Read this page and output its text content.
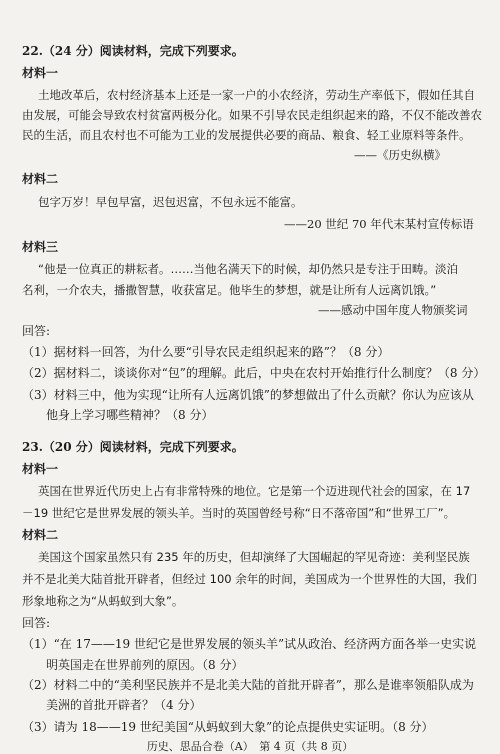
22.（24 分）阅读材料，完成下列要求。
材料一
土地改革后，农村经济基本上还是一家一户的小农经济，劳动生产率低下，假如任其自
由发展，可能会导致农村贫富两极分化。如果不引导农民走组织起来的路，不仅不能改善农
民的生活，而且农村也不可能为工业的发展提供必要的商品、粮食、轻工业原料等条件。
——《历史纵横》
材料二
包字万岁！早包早富，迟包迟富，不包永远不能富。
——20 世纪 70 年代末某村宣传标语
材料三
“他是一位真正的耕耘者。……当他名满天下的时候，却仍然只是专注于田畴。淡泊
名利，一介农夫，播撒智慧，收获富足。他毕生的梦想，就是让所有人远离饥饿。”
——感动中国年度人物颁奖词
回答:
（1）据材料一回答，为什么要“引导农民走组织起来的路”？（8 分）
（2）据材料二，谈谈你对“包”的理解。此后，中央在农村开始推行什么制度？（8 分）
（3）材料三中，他为实现“让所有人远离饥饿”的梦想做出了什么贡献？你认为应该从
他身上学习哪些精神？（8 分）
23.（20 分）阅读材料，完成下列要求。
材料一
英国在世界近代历史上占有非常特殊的地位。它是第一个迈进现代社会的国家，在 17
－19 世纪它是世界发展的领头羊。当时的英国曾经号称“日不落帝国”和“世界工厂”。
材料二
美国这个国家虽然只有 235 年的历史，但却演绎了大国崛起的罕见奇迹：美利坚民族
并不是北美大陆首批开辟者，但经过 100 余年的时间，美国成为一个世界性的大国，我们
形象地称之为“从蚂蚁到大象”。
回答:
（1）“在 17——19 世纪它是世界发展的领头羊”试从政治、经济两方面各举一史实说
明英国走在世界前列的原因。（8 分）
（2）材料二中的“美利坚民族并不是北美大陆的首批开辟者”，那么是谁率领船队成为
美洲的首批开辟者？（4 分）
历史、思品合卷（A）　第 4 页（共 8 页）
（3）请为 18——19 世纪美国“从蚂蚁到大象”的论点提供史实证明。（8 分）
